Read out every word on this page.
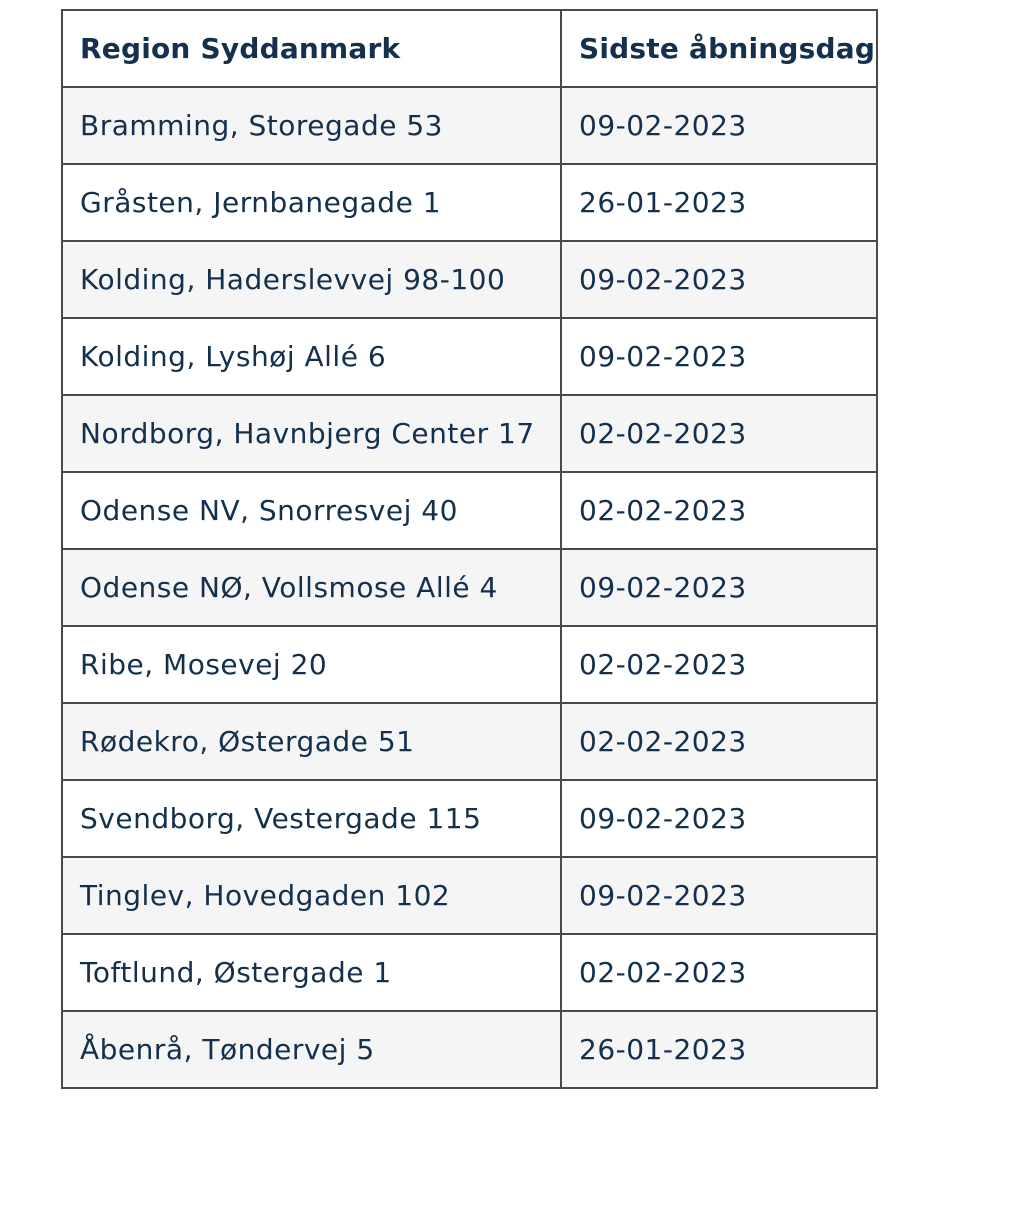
Region Syddanmark	Sidste åbningsdag
Bramming, Storegade 53	09-02-2023
Gråsten, Jernbanegade 1	26-01-2023
Kolding, Haderslevvej 98-100	09-02-2023
Kolding, Lyshøj Allé 6	09-02-2023
Nordborg, Havnbjerg Center 17	02-02-2023
Odense NV, Snorresvej 40	02-02-2023
Odense NØ, Vollsmose Allé 4	09-02-2023
Ribe, Mosevej 20	02-02-2023
Rødekro, Østergade 51	02-02-2023
Svendborg, Vestergade 115	09-02-2023
Tinglev, Hovedgaden 102	09-02-2023
Toftlund, Østergade 1	02-02-2023
Åbenrå, Tøndervej 5	26-01-2023
